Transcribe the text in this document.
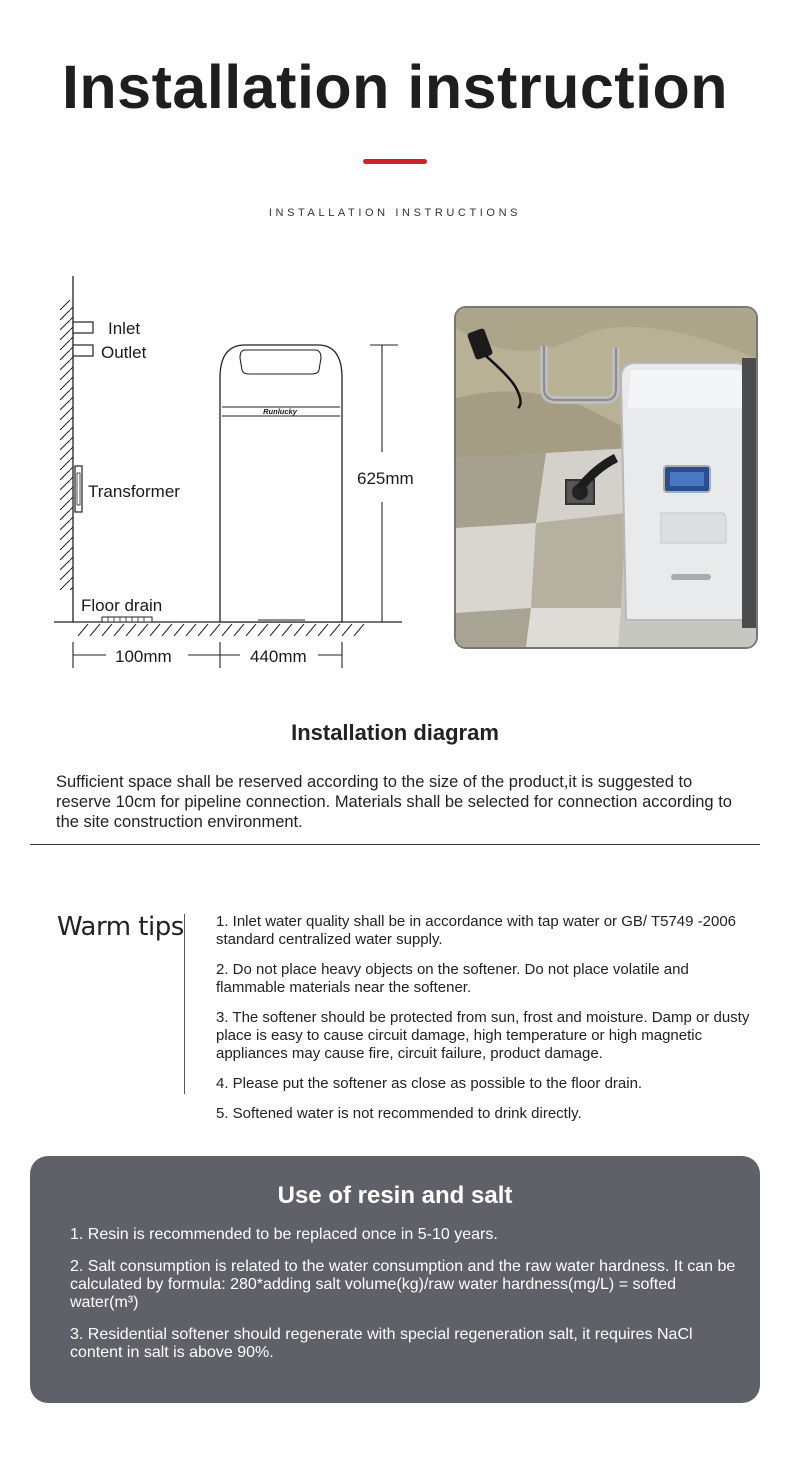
Installation instruction
INSTALLATION INSTRUCTIONS
Inlet
Outlet
Transformer
Floor drain
Runlucky
625mm
100mm	440mm
Installation diagram
Sufficient space shall be reserved according to the size of the product,it is suggested to reserve 10cm for pipeline connection. Materials shall be selected for connection according to the site construction environment.
Warm tips 1. Inlet water quality shall be in accordance with tap water or GB/ T5749 -2006 standard centralized water supply.
2. Do not place heavy objects on the softener. Do not place volatile and flammable materials near the softener.
3. The softener should be protected from sun, frost and moisture. Damp or dusty place is easy to cause circuit damage, high temperature or high magnetic appliances may cause fire, circuit failure, product damage.
4. Please put the softener as close as possible to the floor drain.
5. Softened water is not recommended to drink directly.
Use of resin and salt
1. Resin is recommended to be replaced once in 5-10 years.
2. Salt consumption is related to the water consumption and the raw water hardness. It can be calculated by formula: 280*adding salt volume(kg)/raw water hardness(mg/L) = softed water(m³)
3. Residential softener should regenerate with special regeneration salt, it requires NaCl content in salt is above 90%.
